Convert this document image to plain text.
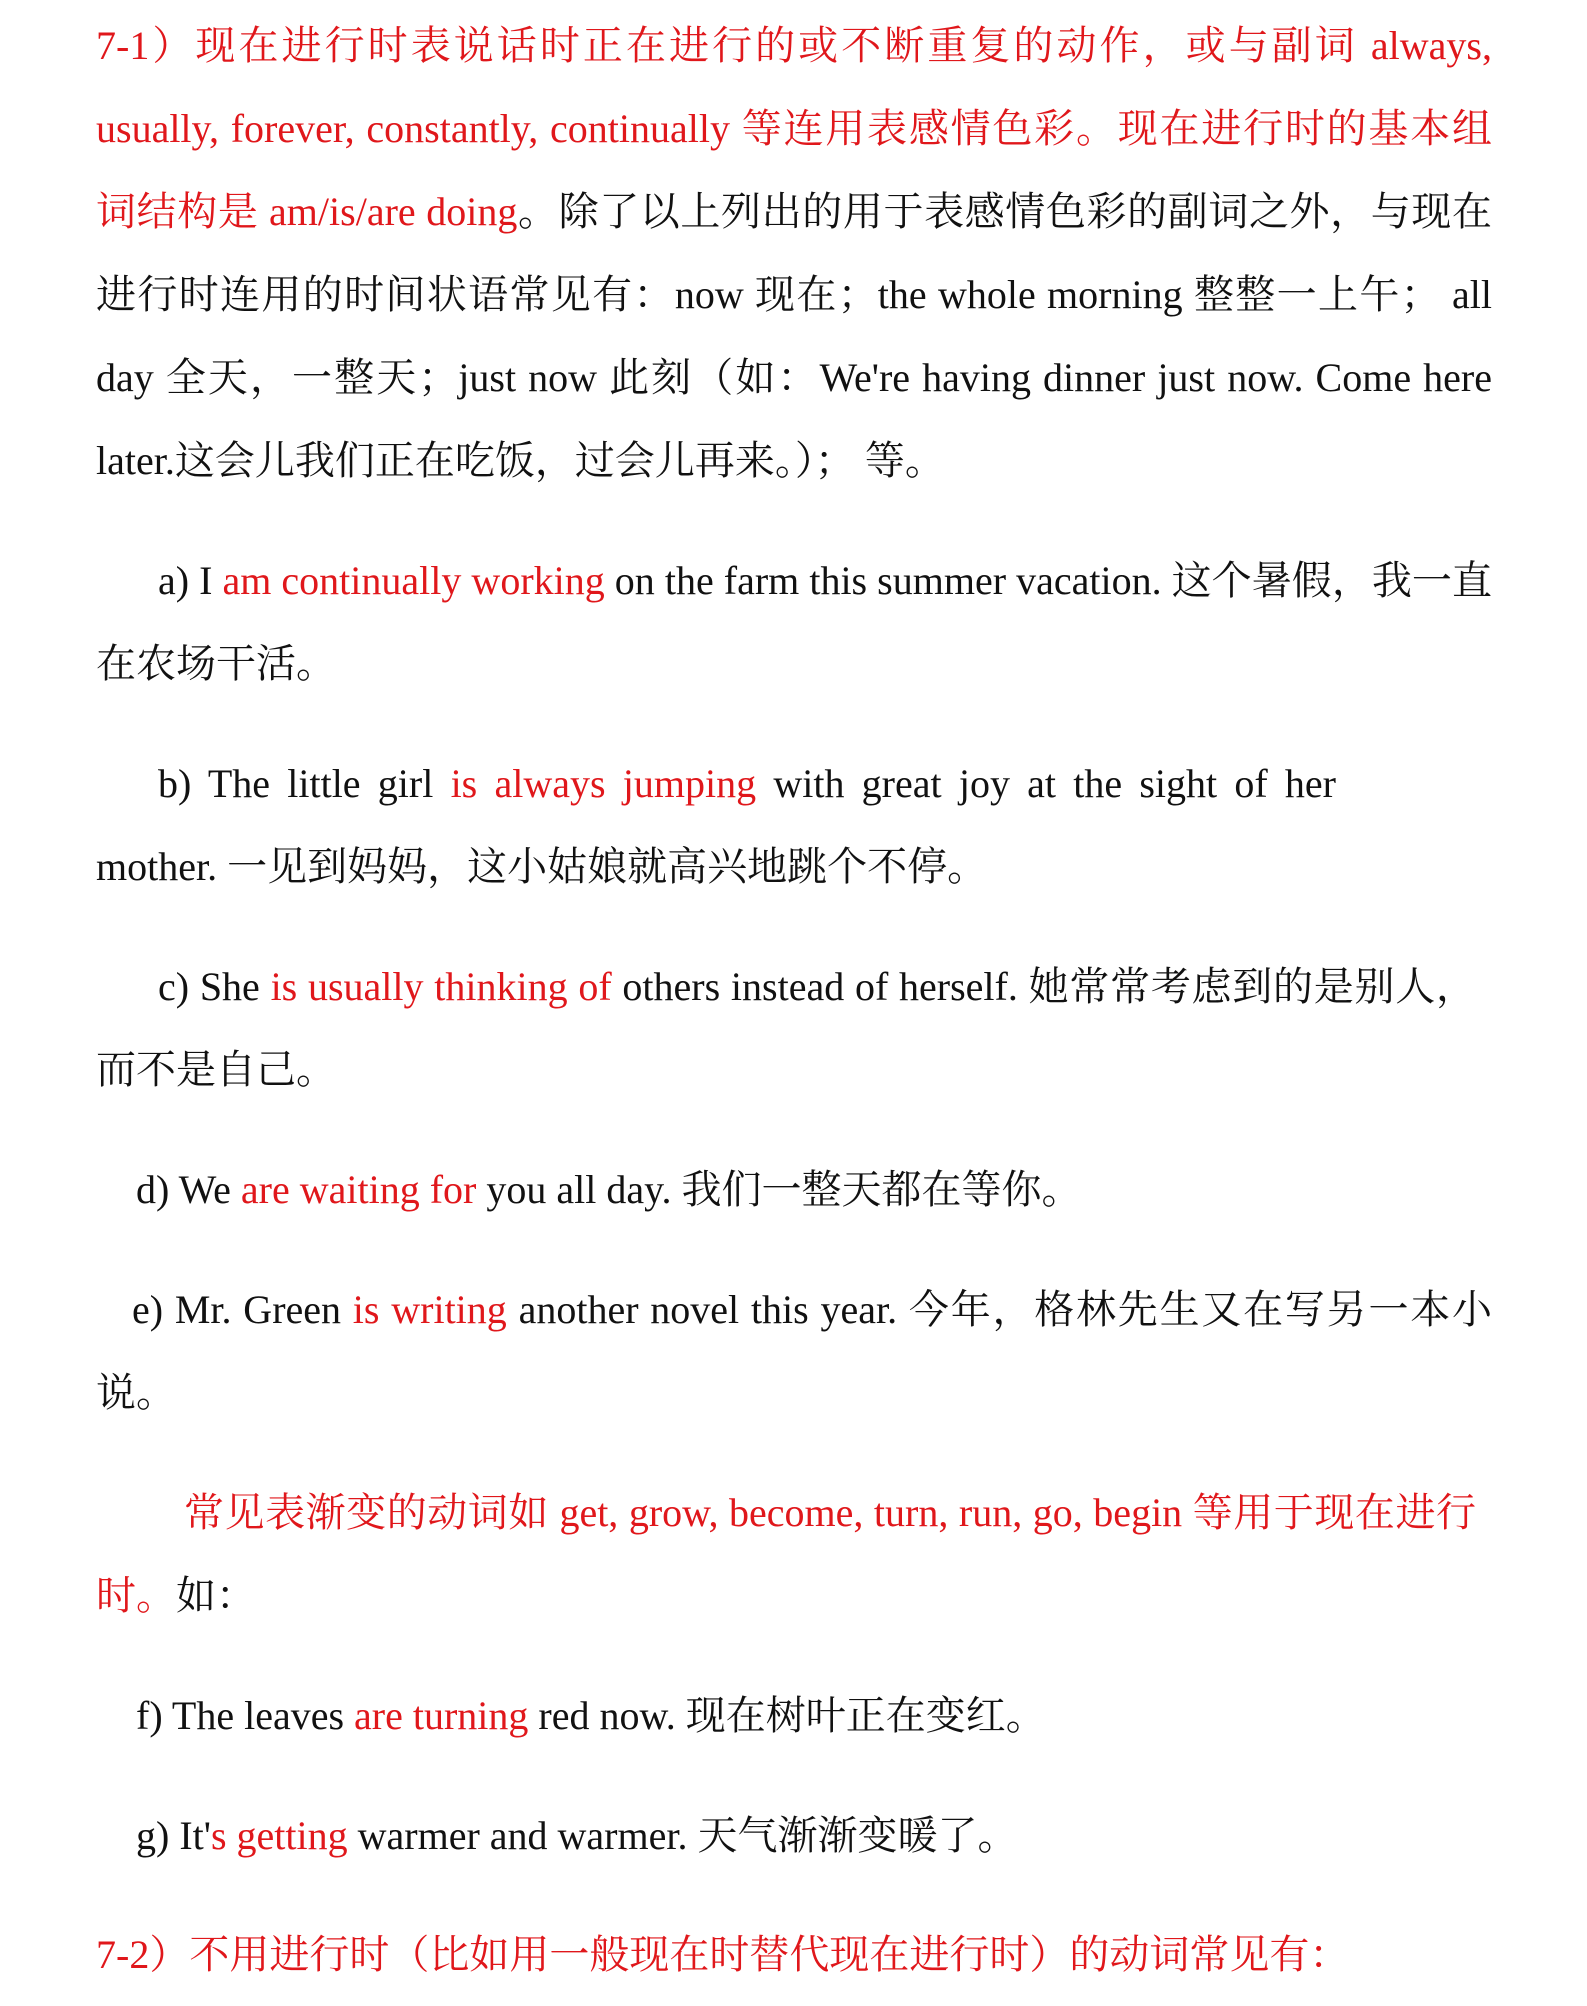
7-1）现在进行时表说话时正在进行的或不断重复的动作，或与副词 always, usually, forever, constantly, continually 等连用表感情色彩。现在进行时的基本组词结构是 am/is/are doing。除了以上列出的用于表感情色彩的副词之外，与现在进行时连用的时间状语常见有：now 现在；the whole morning 整整一上午； all day 全天，一整天；just now 此刻（如：We're having dinner just now. Come here later.这会儿我们正在吃饭，过会儿再来。）； 等。

a) I am continually working on the farm this summer vacation. 这个暑假，我一直在农场干活。

b) The little girl is always jumping with great joy at the sight of her mother. 一见到妈妈，这小姑娘就高兴地跳个不停。

c) She is usually thinking of others instead of herself. 她常常考虑到的是别人，而不是自己。

d) We are waiting for you all day. 我们一整天都在等你。

e) Mr. Green is writing another novel this year. 今年，格林先生又在写另一本小说。

常见表渐变的动词如 get, grow, become, turn, run, go, begin 等用于现在进行时。如：

f) The leaves are turning red now. 现在树叶正在变红。

g) It's getting warmer and warmer. 天气渐渐变暖了。

7-2）不用进行时（比如用一般现在时替代现在进行时）的动词常见有：
